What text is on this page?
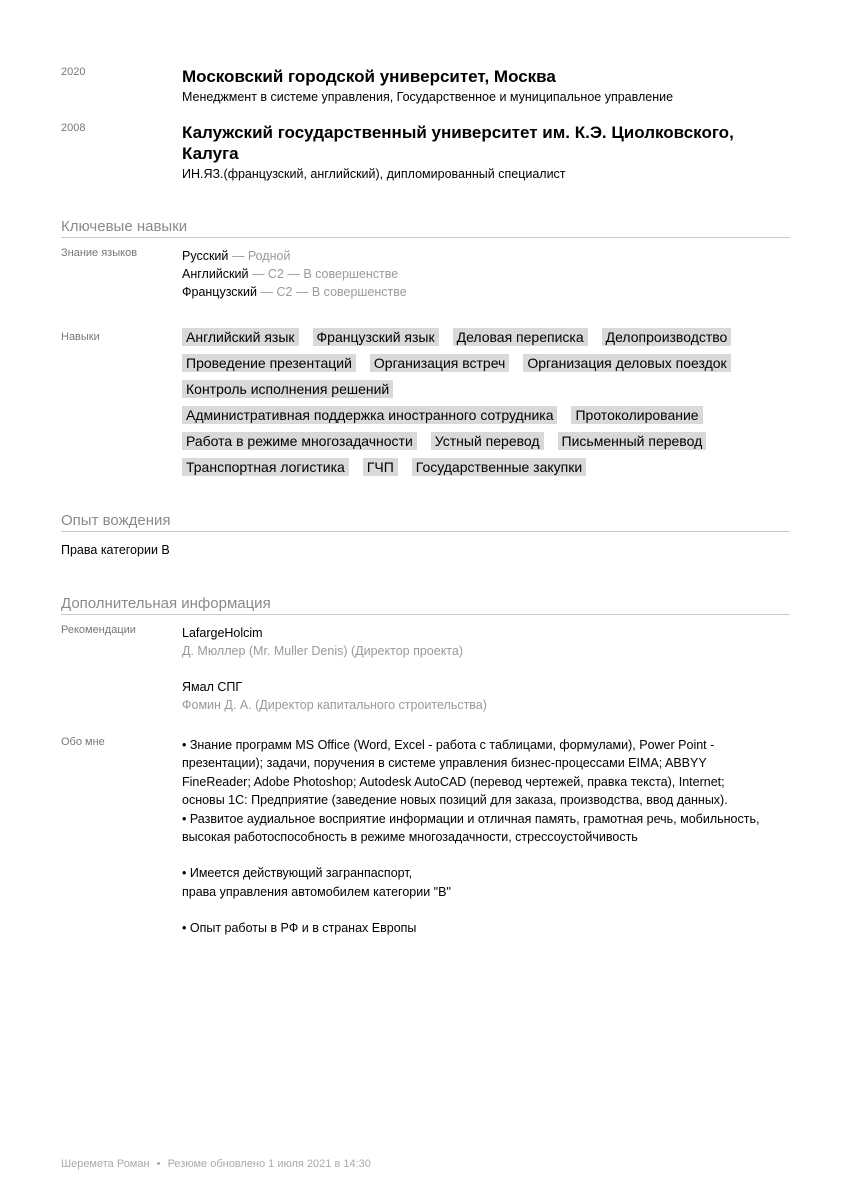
2020	Московский городской университет, Москва
Менеджмент в системе управления, Государственное и муниципальное управление
2008	Калужский государственный университет им. К.Э. Циолковского, Калуга
ИН.ЯЗ.(французский, английский), дипломированный специалист
Ключевые навыки
Знание языков	Русский — Родной
Английский — C2 — В совершенстве
Французский — C2 — В совершенстве
Навыки	Английский язык Французский язык Деловая переписка Делопроизводство
Проведение презентаций Организация встреч Организация деловых поездок
Контроль исполнения решений
Административная поддержка иностранного сотрудника Протоколирование
Работа в режиме многозадачности Устный перевод Письменный перевод
Транспортная логистика ГЧП Государственные закупки
Опыт вождения
Права категории B
Дополнительная информация
Рекомендации	LafargeHolcim
Д. Мюллер (Mr. Muller Denis) (Директор проекта)
Ямал СПГ
Фомин Д. А. (Директор капитального строительства)
Обо мне	• Знание программ MS Office (Word, Excel - работа с таблицами, формулами), Power Point -

презентации); задачи, поручения в системе управления бизнес-процессами EIMA; ABBYY

FineReader; Adobe Photoshop; Autodesk AutoCAD (перевод чертежей, правка текста), Internet;

основы 1С: Предприятие (заведение новых позиций для заказа, производства, ввод данных).

• Развитое аудиальное восприятие информации и отличная память, грамотная речь, мобильность,

высокая работоспособность в режиме многозадачности, стрессоустойчивость

• Имеется действующий загранпаспорт,

права управления автомобилем категории "B"

• Опыт работы в РФ и в странах Европы

Шеремета Роман • Резюме обновлено 1 июля 2021 в 14:30
